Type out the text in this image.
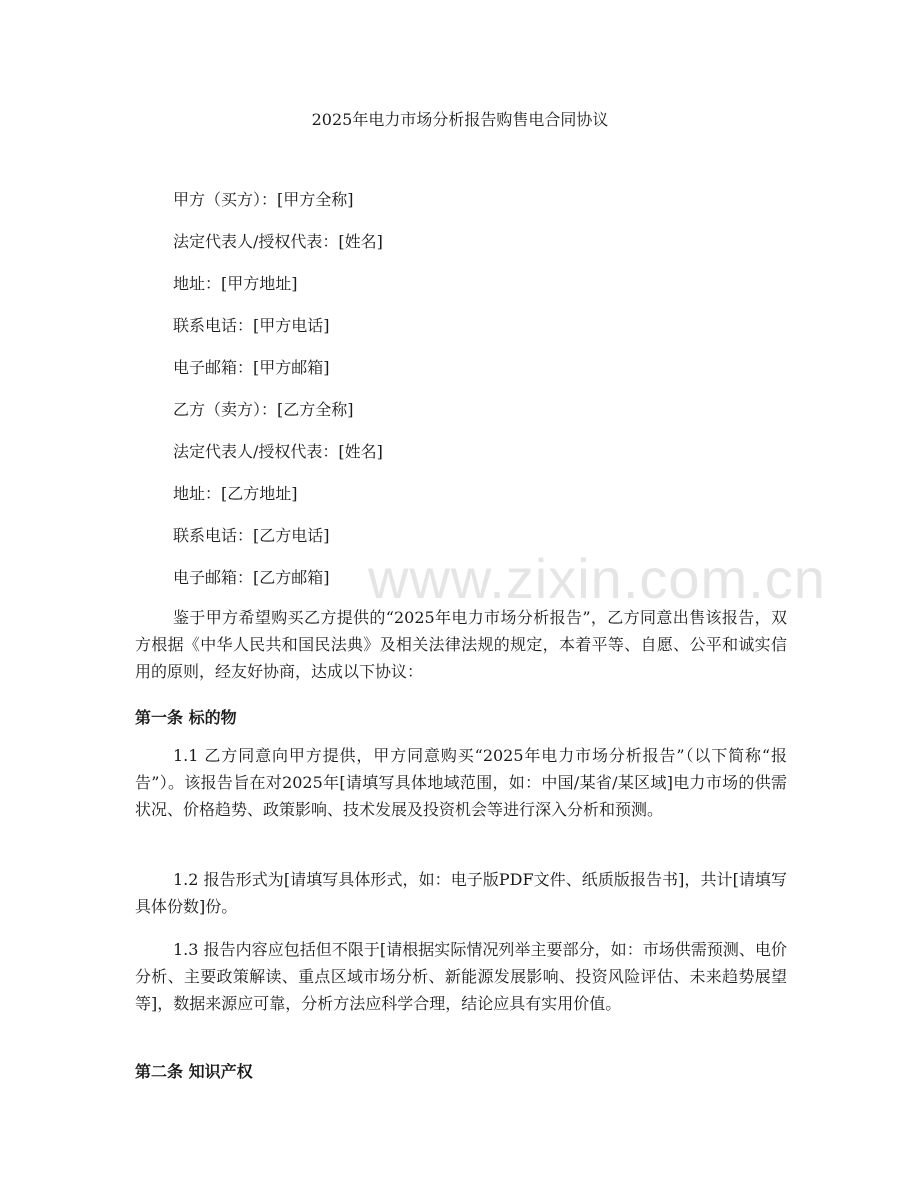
2025年电力市场分析报告购售电合同协议
甲方（买方）：[甲方全称]
法定代表人/授权代表：[姓名]
地址：[甲方地址]
联系电话：[甲方电话]
电子邮箱：[甲方邮箱]
乙方（卖方）：[乙方全称]
法定代表人/授权代表：[姓名]
地址：[乙方地址]
联系电话：[乙方电话]
电子邮箱：[乙方邮箱]
鉴于甲方希望购买乙方提供的“2025年电力市场分析报告”，乙方同意出售该报告，双方根据《中华人民共和国民法典》及相关法律法规的规定，本着平等、自愿、公平和诚实信用的原则，经友好协商，达成以下协议：
第一条 标的物
1.1 乙方同意向甲方提供，甲方同意购买“2025年电力市场分析报告”（以下简称“报告”）。该报告旨在对2025年[请填写具体地域范围，如：中国/某省/某区域]电力市场的供需状况、价格趋势、政策影响、技术发展及投资机会等进行深入分析和预测。
1.2 报告形式为[请填写具体形式，如：电子版PDF文件、纸质版报告书]，共计[请填写具体份数]份。
1.3 报告内容应包括但不限于[请根据实际情况列举主要部分，如：市场供需预测、电价分析、主要政策解读、重点区域市场分析、新能源发展影响、投资风险评估、未来趋势展望等]，数据来源应可靠，分析方法应科学合理，结论应具有实用价值。
第二条 知识产权
www.zixin.com.cn
